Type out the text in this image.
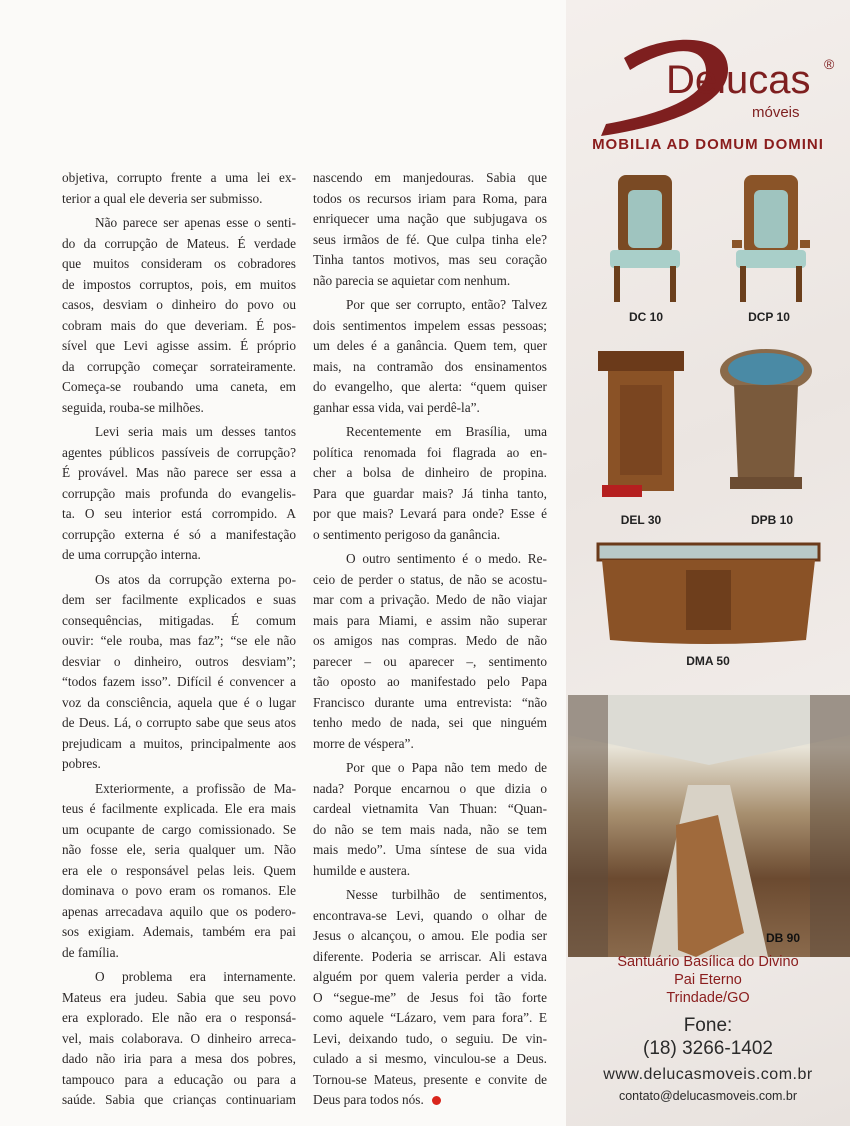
objetiva, corrupto frente a uma lei ex-
terior a qual ele deveria ser submisso.
Não parece ser apenas esse o senti-
do da corrupção de Mateus. É verdade
que muitos consideram os cobradores
de impostos corruptos, pois, em muitos
casos, desviam o dinheiro do povo ou
cobram mais do que deveriam. É pos-
sível que Levi agisse assim. É próprio
da corrupção começar sorrateiramente.
Começa-se roubando uma caneta, em
seguida, rouba-se milhões.
Levi seria mais um desses tantos
agentes públicos passíveis de corrupção?
É provável. Mas não parece ser essa a
corrupção mais profunda do evangelis-
ta. O seu interior está corrompido. A
corrupção externa é só a manifestação
de uma corrupção interna.
Os atos da corrupção externa po-
dem ser facilmente explicados e suas
consequências, mitigadas. É comum
ouvir: “ele rouba, mas faz”; “se ele não
desviar o dinheiro, outros desviam”;
“todos fazem isso”. Difícil é convencer a
voz da consciência, aquela que é o lugar
de Deus. Lá, o corrupto sabe que seus atos
prejudicam a muitos, principalmente aos
pobres.
Exteriormente, a profissão de Ma-
teus é facilmente explicada. Ele era mais
um ocupante de cargo comissionado. Se
não fosse ele, seria qualquer um. Não
era ele o responsável pelas leis. Quem
dominava o povo eram os romanos. Ele
apenas arrecadava aquilo que os podero-
sos exigiam. Ademais, também era pai
de família.
O problema era internamente.
Mateus era judeu. Sabia que seu povo
era explorado. Ele não era o responsá-
vel, mais colaborava. O dinheiro arreca-
dado não iria para a mesa dos pobres,
tampouco para a educação ou para a
saúde. Sabia que crianças continuariam
nascendo em manjedouras. Sabia que
todos os recursos iriam para Roma, para
enriquecer uma nação que subjugava os
seus irmãos de fé. Que culpa tinha ele?
Tinha tantos motivos, mas seu coração
não parecia se aquietar com nenhum.
Por que ser corrupto, então? Talvez
dois sentimentos impelem essas pessoas;
um deles é a ganância. Quem tem, quer
mais, na contramão dos ensinamentos
do evangelho, que alerta: “quem quiser
ganhar essa vida, vai perdê-la”.
Recentemente em Brasília, uma
política renomada foi flagrada ao en-
cher a bolsa de dinheiro de propina.
Para que guardar mais? Já tinha tanto,
por que mais? Levará para onde? Esse é
o sentimento perigoso da ganância.
O outro sentimento é o medo. Re-
ceio de perder o status, de não se acostu-
mar com a privação. Medo de não viajar
mais para Miami, e assim não superar
os amigos nas compras. Medo de não
parecer – ou aparecer –, sentimento
tão oposto ao manifestado pelo Papa
Francisco durante uma entrevista: “não
tenho medo de nada, sei que ninguém
morre de véspera”.
Por que o Papa não tem medo de
nada? Porque encarnou o que dizia o
cardeal vietnamita Van Thuan: “Quan-
do não se tem mais nada, não se tem
mais medo”. Uma síntese de sua vida
humilde e austera.
Nesse turbilhão de sentimentos,
encontrava-se Levi, quando o olhar de
Jesus o alcançou, o amou. Ele podia ser
diferente. Poderia se arriscar. Ali estava
alguém por quem valeria perder a vida.
O “segue-me” de Jesus foi tão forte
como aquele “Lázaro, vem para fora”. E
Levi, deixando tudo, o seguiu. De vin-
culado a si mesmo, vinculou-se a Deus.
Tornou-se Mateus, presente e convite de
Deus para todos nós.
Delucas ®
móveis
MOBILIA AD DOMUM DOMINI
DC 10	DCP 10
DEL 30	DPB 10
DMA 50
DB 90
Santuário Basílica do Divino
Pai Eterno
Trindade/GO
Fone:
(18) 3266-1402
www.delucasmoveis.com.br
contato@delucasmoveis.com.br
